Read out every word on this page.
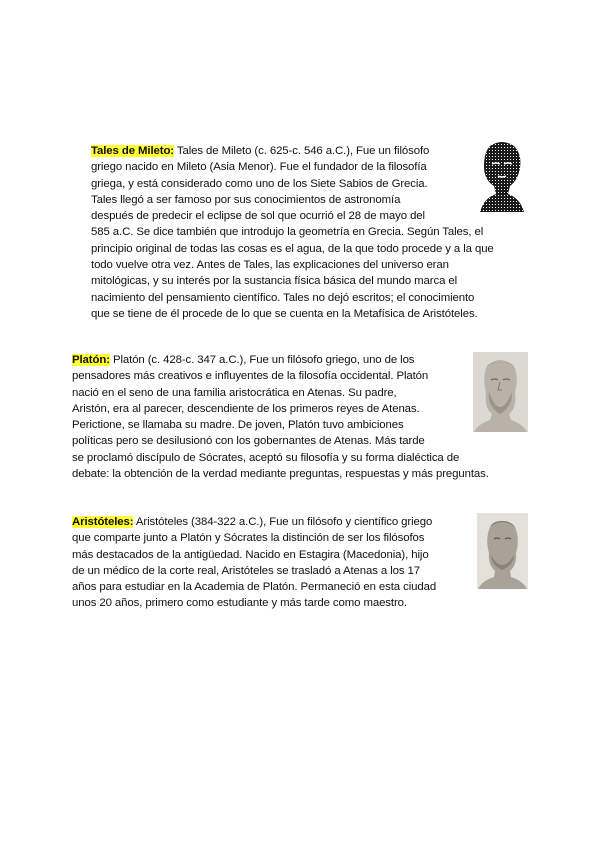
Tales de Mileto: Tales de Mileto (c. 625-c. 546 a.C.), Fue un filósofo
griego nacido en Mileto (Asia Menor). Fue el fundador de la filosofía
griega, y está considerado como uno de los Siete Sabios de Grecia.
Tales llegó a ser famoso por sus conocimientos de astronomía
después de predecir el eclipse de sol que ocurrió el 28 de mayo del
585 a.C. Se dice también que introdujo la geometría en Grecia. Según Tales, el
principio original de todas las cosas es el agua, de la que todo procede y a la que
todo vuelve otra vez. Antes de Tales, las explicaciones del universo eran
mitológicas, y su interés por la sustancia física básica del mundo marca el
nacimiento del pensamiento científico. Tales no dejó escritos; el conocimiento
que se tiene de él procede de lo que se cuenta en la Metafísica de Aristóteles.

Platón: Platón (c. 428-c. 347 a.C.), Fue un filósofo griego, uno de los
pensadores más creativos e influyentes de la filosofía occidental. Platón
nació en el seno de una familia aristocrática en Atenas. Su padre,
Aristón, era al parecer, descendiente de los primeros reyes de Atenas.
Perictione, se llamaba su madre. De joven, Platón tuvo ambiciones
políticas pero se desilusionó con los gobernantes de Atenas. Más tarde
se proclamó discípulo de Sócrates, aceptó su filosofía y su forma dialéctica de
debate: la obtención de la verdad mediante preguntas, respuestas y más preguntas.

Aristóteles: Aristóteles (384-322 a.C.), Fue un filósofo y científico griego
que comparte junto a Platón y Sócrates la distinción de ser los filósofos
más destacados de la antigüedad. Nacido en Estagira (Macedonia), hijo
de un médico de la corte real, Aristóteles se trasladó a Atenas a los 17
años para estudiar en la Academia de Platón. Permaneció en esta ciudad
unos 20 años, primero como estudiante y más tarde como maestro.
